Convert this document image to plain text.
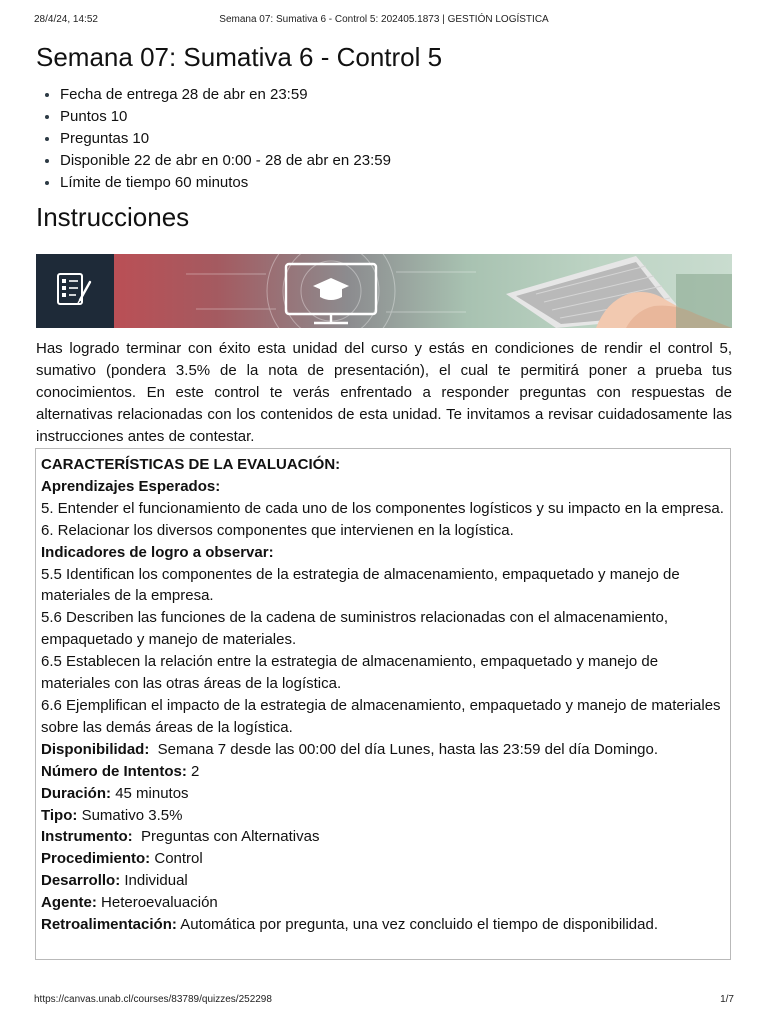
28/4/24, 14:52	Semana 07: Sumativa 6 - Control 5: 202405.1873 | GESTIÓN LOGÍSTICA
Semana 07: Sumativa 6 - Control 5
Fecha de entrega 28 de abr en 23:59
Puntos 10
Preguntas 10
Disponible 22 de abr en 0:00 - 28 de abr en 23:59
Límite de tiempo 60 minutos
Instrucciones

Has logrado terminar con éxito esta unidad del curso y estás en condiciones de rendir el control 5, sumativo (pondera 3.5% de la nota de presentación), el cual te permitirá poner a prueba tus conocimientos. En este control te verás enfrentado a responder preguntas con respuestas de alternativas relacionadas con los contenidos de esta unidad. Te invitamos a revisar cuidadosamente las instrucciones antes de contestar.

CARACTERÍSTICAS DE LA EVALUACIÓN:

Aprendizajes Esperados:

5. Entender el funcionamiento de cada uno de los componentes logísticos y su impacto en la empresa.

6. Relacionar los diversos componentes que intervienen en la logística.

Indicadores de logro a observar:

5.5 Identifican los componentes de la estrategia de almacenamiento, empaquetado y manejo de materiales de la empresa.

5.6 Describen las funciones de la cadena de suministros relacionadas con el almacenamiento, empaquetado y manejo de materiales.

6.5 Establecen la relación entre la estrategia de almacenamiento, empaquetado y manejo de materiales con las otras áreas de la logística.

6.6 Ejemplifican el impacto de la estrategia de almacenamiento, empaquetado y manejo de materiales sobre las demás áreas de la logística.

Disponibilidad: Semana 7 desde las 00:00 del día Lunes, hasta las 23:59 del día Domingo.

Número de Intentos: 2

Duración: 45 minutos

Tipo: Sumativo 3.5%

Instrumento: Preguntas con Alternativas

Procedimiento: Control

Desarrollo: Individual

Agente: Heteroevaluación

Retroalimentación: Automática por pregunta, una vez concluido el tiempo de disponibilidad.

https://canvas.unab.cl/courses/83789/quizzes/252298	1/7
